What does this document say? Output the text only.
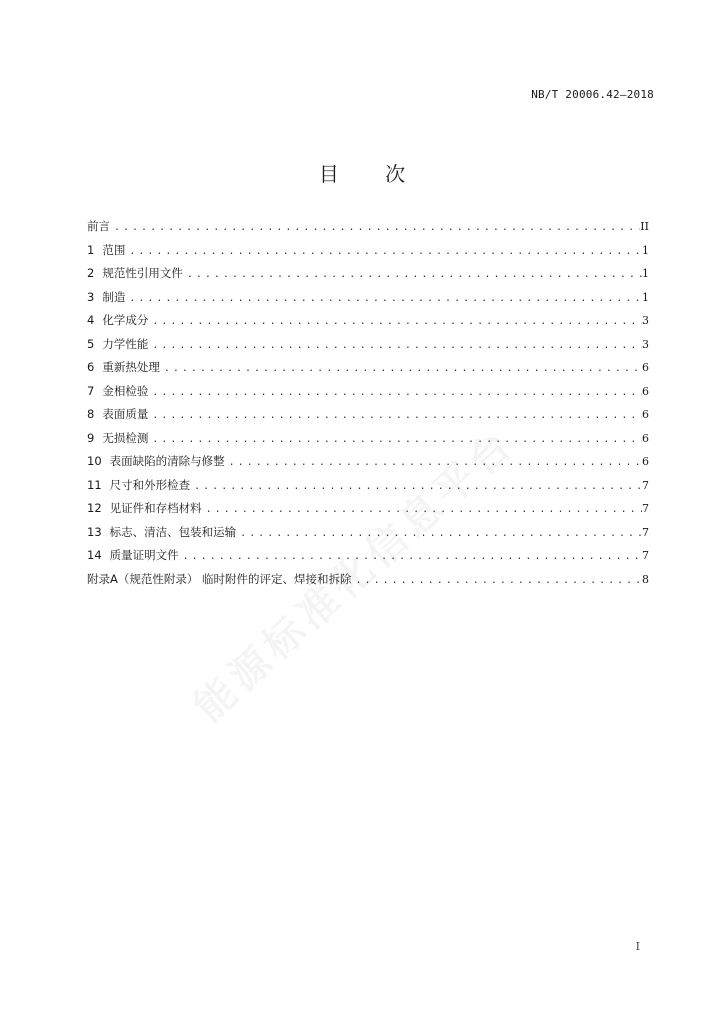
NB/T 20006.42—2018
目 次
前言 .....	II
1 范围 .....	1
2 规范性引用文件 .....	1
3 制造 .....	1
4 化学成分 .....	3
5 力学性能 .....	3
6 重新热处理 .....	6
7 金相检验 .....	6
8 表面质量 .....	6
9 无损检测 .....	6
10 表面缺陷的清除与修整 .....	6
11 尺寸和外形检查 .....	7
12 见证件和存档材料 .....	7
13 标志、清洁、包装和运输 .....	7
14 质量证明文件 .....	7
附录A（规范性附录） 临时附件的评定、焊接和拆除 .....	8
I
